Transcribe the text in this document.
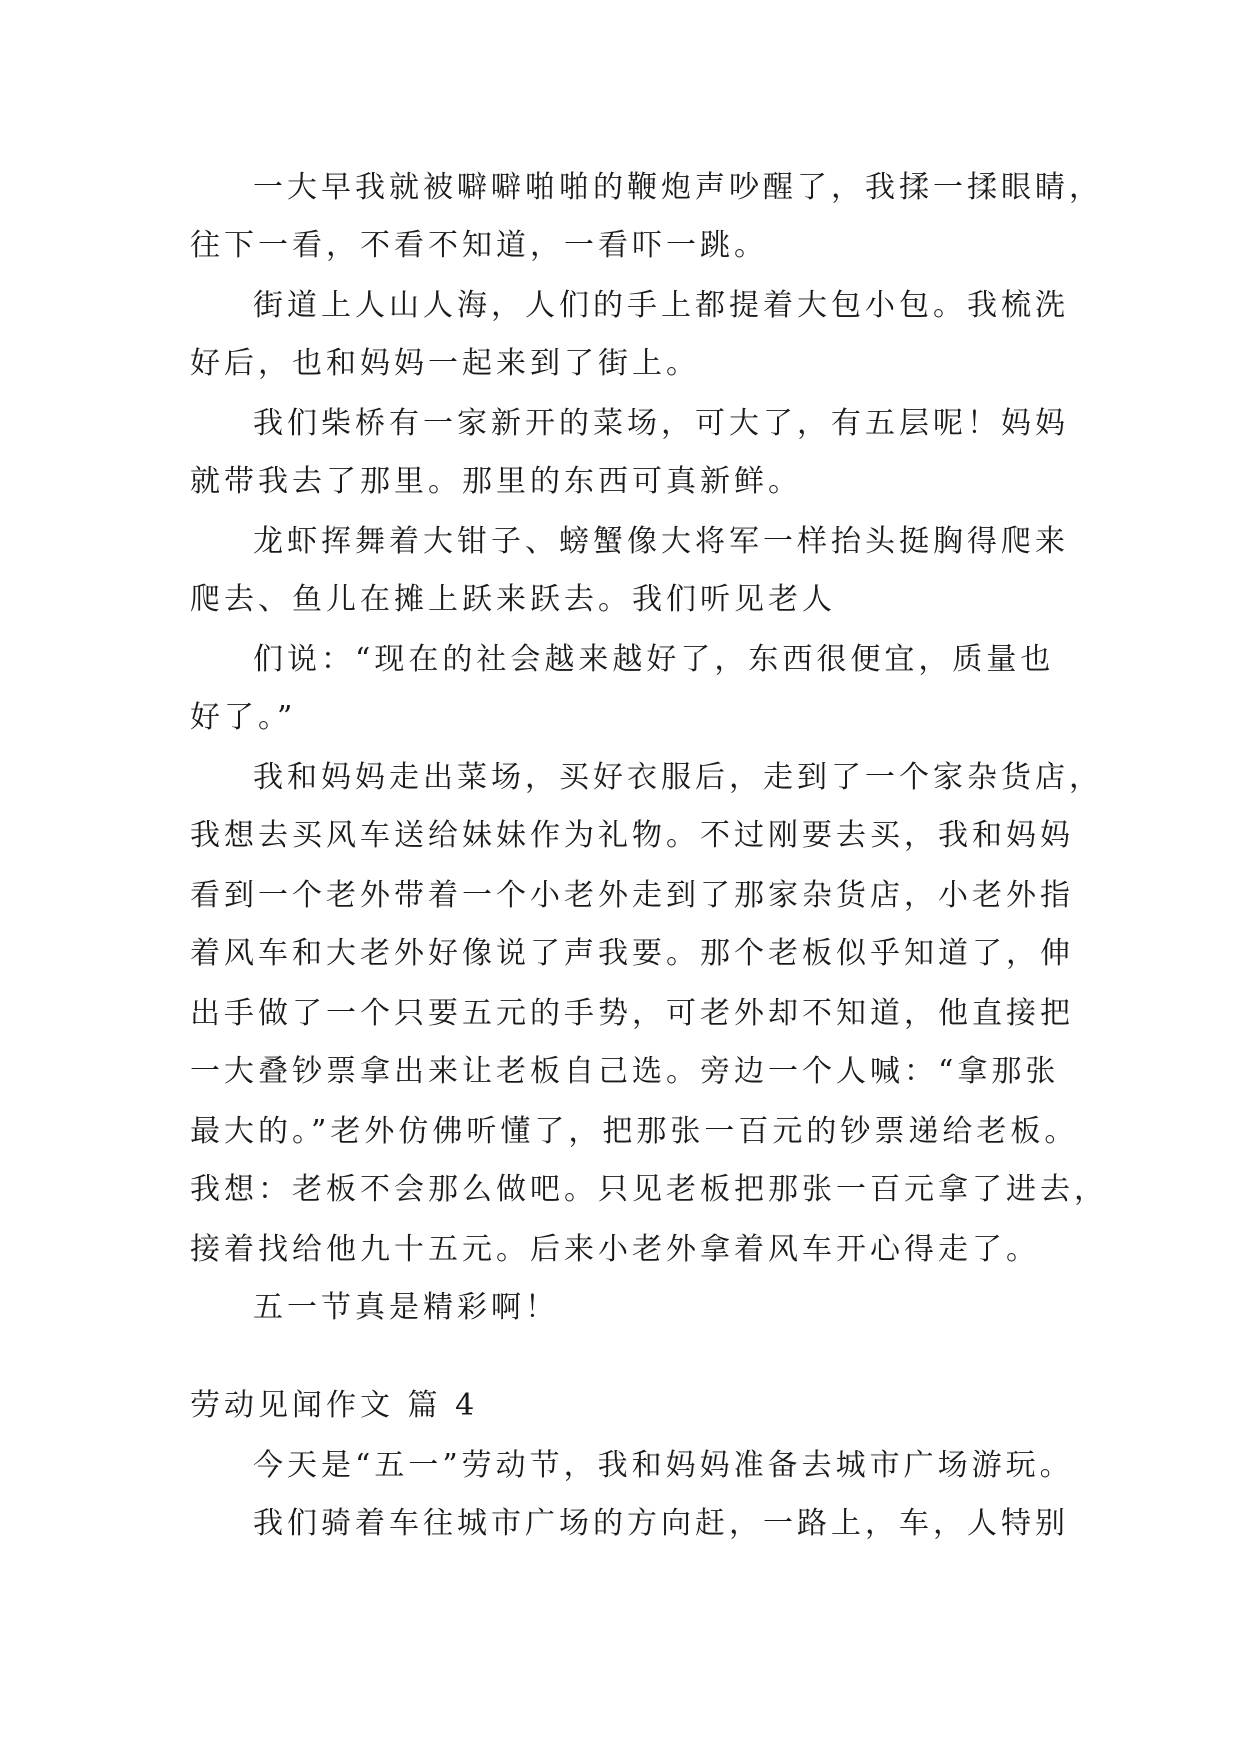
一大早我就被噼噼啪啪的鞭炮声吵醒了，我揉一揉眼睛，
往下一看，不看不知道，一看吓一跳。
街道上人山人海，人们的手上都提着大包小包。我梳洗
好后，也和妈妈一起来到了街上。
我们柴桥有一家新开的菜场，可大了，有五层呢！妈妈
就带我去了那里。那里的东西可真新鲜。
龙虾挥舞着大钳子、螃蟹像大将军一样抬头挺胸得爬来
爬去、鱼儿在摊上跃来跃去。我们听见老人
们说：“现在的社会越来越好了，东西很便宜，质量也
好了。”
我和妈妈走出菜场，买好衣服后，走到了一个家杂货店，
我想去买风车送给妹妹作为礼物。不过刚要去买，我和妈妈
看到一个老外带着一个小老外走到了那家杂货店，小老外指
着风车和大老外好像说了声我要。那个老板似乎知道了，伸
出手做了一个只要五元的手势，可老外却不知道，他直接把
一大叠钞票拿出来让老板自己选。旁边一个人喊：“拿那张
最大的。”老外仿佛听懂了，把那张一百元的钞票递给老板。
我想：老板不会那么做吧。只见老板把那张一百元拿了进去，
接着找给他九十五元。后来小老外拿着风车开心得走了。
五一节真是精彩啊！
劳动见闻作文 篇 4
今天是“五一”劳动节，我和妈妈准备去城市广场游玩。
我们骑着车往城市广场的方向赶，一路上，车，人特别
